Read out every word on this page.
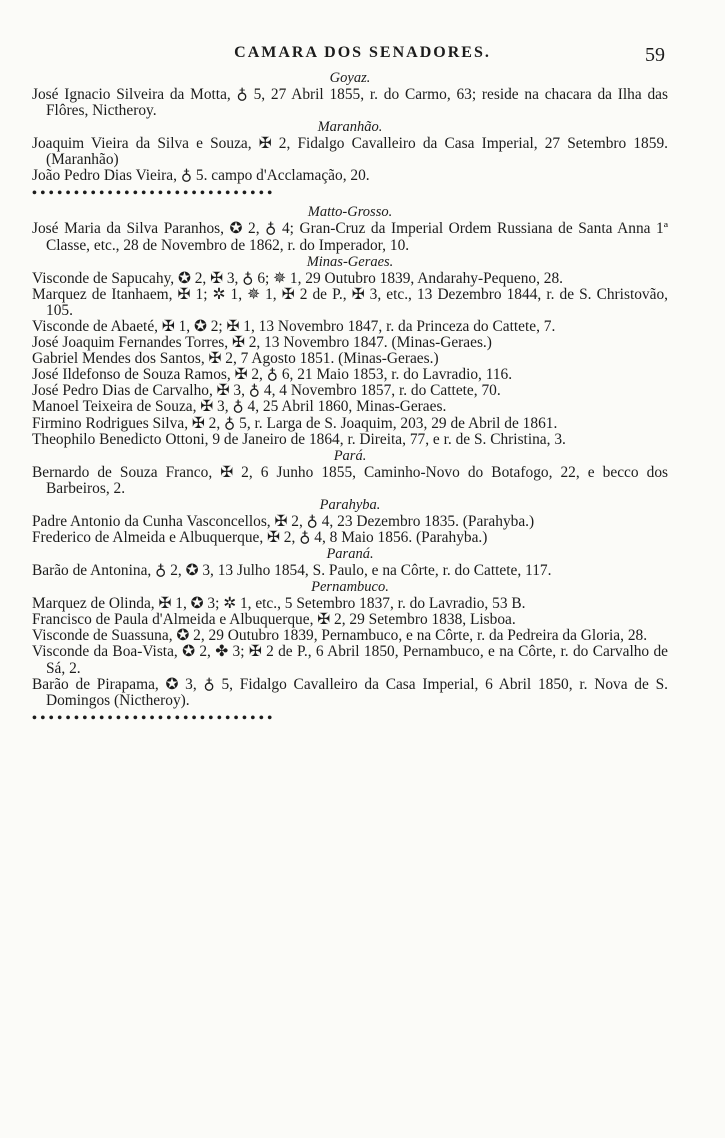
CAMARA DOS SENADORES.	59
Goyaz.
José Ignacio Silveira da Motta, ♁ 5, 27 Abril 1855, r. do Carmo, 63; reside na chacara da Ilha das Flôres, Nictheroy.
Maranhão.
Joaquim Vieira da Silva e Souza, ✠ 2, Fidalgo Cavalleiro da Casa Imperial, 27 Setembro 1859. (Maranhão)
João Pedro Dias Vieira, ♁ 5. campo d'Acclamação, 20.
• • • • • • • • • • • • • • • • • • • • • • • • • • • • •
Matto-Grosso.
José Maria da Silva Paranhos, ✪ 2, ♁ 4; Gran-Cruz da Imperial Ordem Russiana de Santa Anna 1ª Classe, etc., 28 de Novembro de 1862, r. do Imperador, 10.
Minas-Geraes.
Visconde de Sapucahy, ✪ 2, ✠ 3, ♁ 6; ✵ 1, 29 Outubro 1839, Andarahy-Pequeno, 28.
Marquez de Itanhaem, ✠ 1; ✲ 1, ✵ 1, ✠ 2 de P., ✠ 3, etc., 13 Dezembro 1844, r. de S. Christovão, 105.
Visconde de Abaeté, ✠ 1, ✪ 2; ✠ 1, 13 Novembro 1847, r. da Princeza do Cattete, 7.
José Joaquim Fernandes Torres, ✠ 2, 13 Novembro 1847. (Minas-Geraes.)
Gabriel Mendes dos Santos, ✠ 2, 7 Agosto 1851. (Minas-Geraes.)
José Ildefonso de Souza Ramos, ✠ 2, ♁ 6, 21 Maio 1853, r. do Lavradio, 116.
José Pedro Dias de Carvalho, ✠ 3, ♁ 4, 4 Novembro 1857, r. do Cattete, 70.
Manoel Teixeira de Souza, ✠ 3, ♁ 4, 25 Abril 1860, Minas-Geraes.
Firmino Rodrigues Silva, ✠ 2, ♁ 5, r. Larga de S. Joaquim, 203, 29 de Abril de 1861.
Theophilo Benedicto Ottoni, 9 de Janeiro de 1864, r. Direita, 77, e r. de S. Christina, 3.
Pará.
Bernardo de Souza Franco, ✠ 2, 6 Junho 1855, Caminho-Novo do Botafogo, 22, e becco dos Barbeiros, 2.
Parahyba.
Padre Antonio da Cunha Vasconcellos, ✠ 2, ♁ 4, 23 Dezembro 1835. (Parahyba.)
Frederico de Almeida e Albuquerque, ✠ 2, ♁ 4, 8 Maio 1856. (Parahyba.)
Paraná.
Barão de Antonina, ♁ 2, ✪ 3, 13 Julho 1854, S. Paulo, e na Côrte, r. do Cattete, 117.
Pernambuco.
Marquez de Olinda, ✠ 1, ✪ 3; ✲ 1, etc., 5 Setembro 1837, r. do Lavradio, 53 B.
Francisco de Paula d'Almeida e Albuquerque, ✠ 2, 29 Setembro 1838, Lisboa.
Visconde de Suassuna, ✪ 2, 29 Outubro 1839, Pernambuco, e na Côrte, r. da Pedreira da Gloria, 28.
Visconde da Boa-Vista, ✪ 2, ✤ 3; ✠ 2 de P., 6 Abril 1850, Pernambuco, e na Côrte, r. do Carvalho de Sá, 2.
Barão de Pirapama, ✪ 3, ♁ 5, Fidalgo Cavalleiro da Casa Imperial, 6 Abril 1850, r. Nova de S. Domingos (Nictheroy).
• • • • • • • • • • • • • • • • • • • • • • • • • • • • •
